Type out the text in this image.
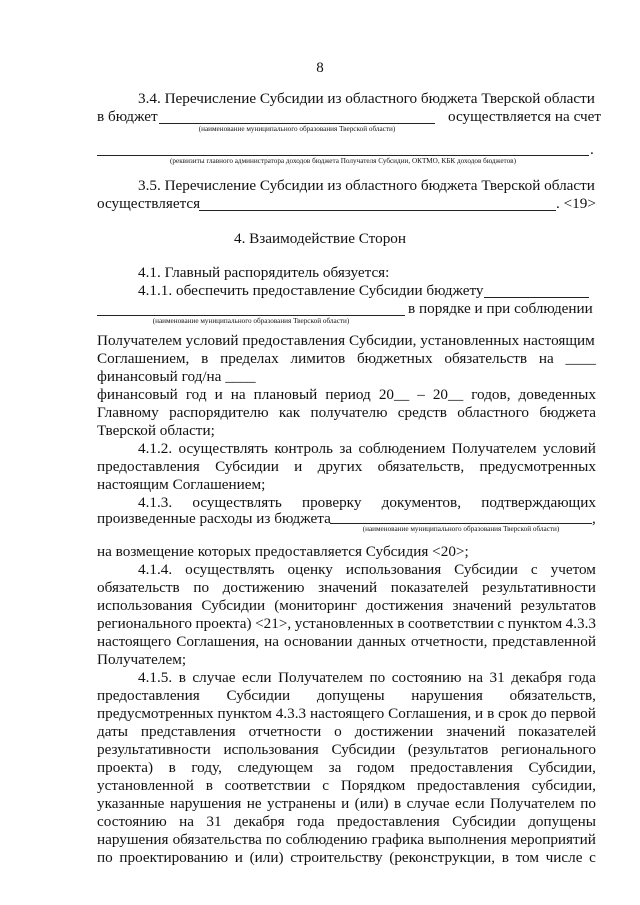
8
3.4. Перечисление Субсидии из областного бюджета Тверской области
в бюджет	осуществляется на счет
(наименование муниципального образования Тверской области)
.
(реквизиты главного администратора доходов бюджета Получателя Субсидии, ОКТМО, КБК доходов бюджетов)
3.5. Перечисление Субсидии из областного бюджета Тверской области
осуществляется	. <19>
4. Взаимодействие Сторон
4.1. Главный распорядитель обязуется:
4.1.1. обеспечить предоставление Субсидии бюджету
в порядке и при соблюдении
(наименование муниципального образования Тверской области)
Получателем условий предоставления Субсидии, установленных настоящим
Соглашением, в пределах лимитов бюджетных обязательств на ____
финансовый год/на ____
финансовый год и на плановый период 20__ – 20__ годов, доведенных
Главному распорядителю как получателю средств областного бюджета
Тверской области;
4.1.2. осуществлять контроль за соблюдением Получателем условий
предоставления Субсидии и других обязательств, предусмотренных
настоящим Соглашением;
4.1.3. осуществлять проверку документов, подтверждающих
произведенные расходы из бюджета	,
(наименование муниципального образования Тверской области)
на возмещение которых предоставляется Субсидия <20>;
4.1.4. осуществлять оценку использования Субсидии с учетом
обязательств по достижению значений показателей результативности
использования Субсидии (мониторинг достижения значений результатов
регионального проекта) <21>, установленных в соответствии с пунктом 4.3.3
настоящего Соглашения, на основании данных отчетности, представленной
Получателем;
4.1.5. в случае если Получателем по состоянию на 31 декабря года
предоставления Субсидии допущены нарушения обязательств,
предусмотренных пунктом 4.3.3 настоящего Соглашения, и в срок до первой
даты представления отчетности о достижении значений показателей
результативности использования Субсидии (результатов регионального
проекта) в году, следующем за годом предоставления Субсидии,
установленной в соответствии с Порядком предоставления субсидии,
указанные нарушения не устранены и (или) в случае если Получателем по
состоянию на 31 декабря года предоставления Субсидии допущены
нарушения обязательства по соблюдению графика выполнения мероприятий
по проектированию и (или) строительству (реконструкции, в том числе с
